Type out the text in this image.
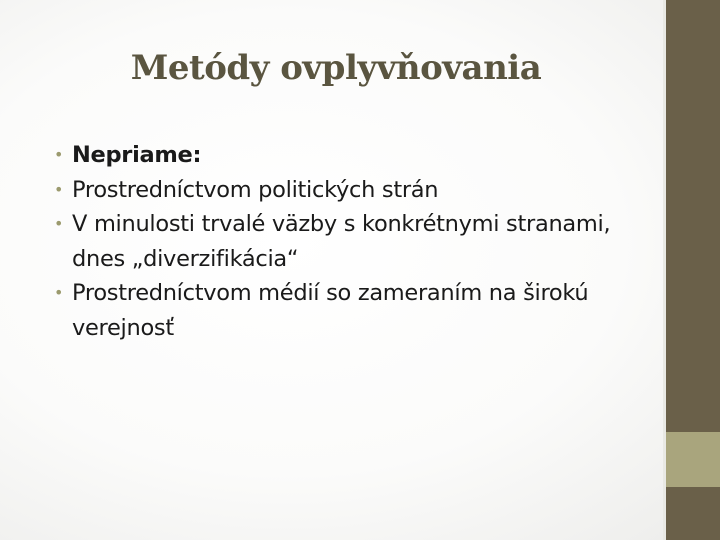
Metódy ovplyvňovania
• Nepriame:
• Prostredníctvom politických strán
• V minulosti trvalé väzby s konkrétnymi stranami, dnes „diverzifikácia“
• Prostredníctvom médií so zameraním na širokú verejnosť
